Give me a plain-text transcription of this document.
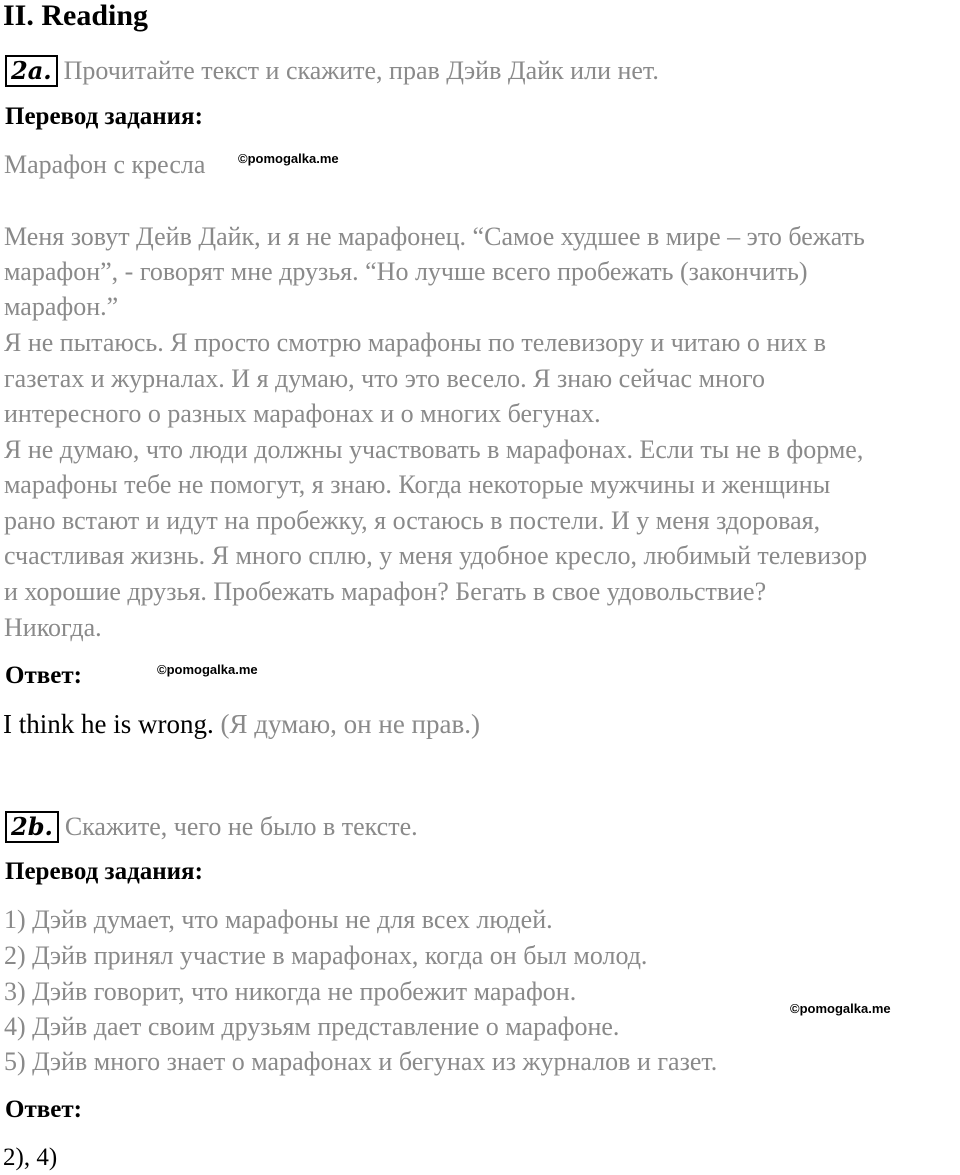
II. Reading
2a. Прочитайте текст и скажите, прав Дэйв Дайк или нет.
Перевод задания:
Марафон с кресла	©pomogalka.me
Меня зовут Дейв Дайк, и я не марафонец. “Самое худшее в мире – это бежать
марафон”, - говорят мне друзья. “Но лучше всего пробежать (закончить)
марафон.”
Я не пытаюсь. Я просто смотрю марафоны по телевизору и читаю о них в
газетах и журналах. И я думаю, что это весело. Я знаю сейчас много
интересного о разных марафонах и о многих бегунах.
Я не думаю, что люди должны участвовать в марафонах. Если ты не в форме,
марафоны тебе не помогут, я знаю. Когда некоторые мужчины и женщины
рано встают и идут на пробежку, я остаюсь в постели. И у меня здоровая,
счастливая жизнь. Я много сплю, у меня удобное кресло, любимый телевизор
и хорошие друзья. Пробежать марафон? Бегать в свое удовольствие?
Никогда.
Ответ:	©pomogalka.me
I think he is wrong. (Я думаю, он не прав.)
2b. Скажите, чего не было в тексте.
Перевод задания:
1) Дэйв думает, что марафоны не для всех людей.
2) Дэйв принял участие в марафонах, когда он был молод.
3) Дэйв говорит, что никогда не пробежит марафон.
4) Дэйв дает своим друзьям представление о марафоне.
©pomogalka.me
5) Дэйв много знает о марафонах и бегунах из журналов и газет.
Ответ:
2), 4)
